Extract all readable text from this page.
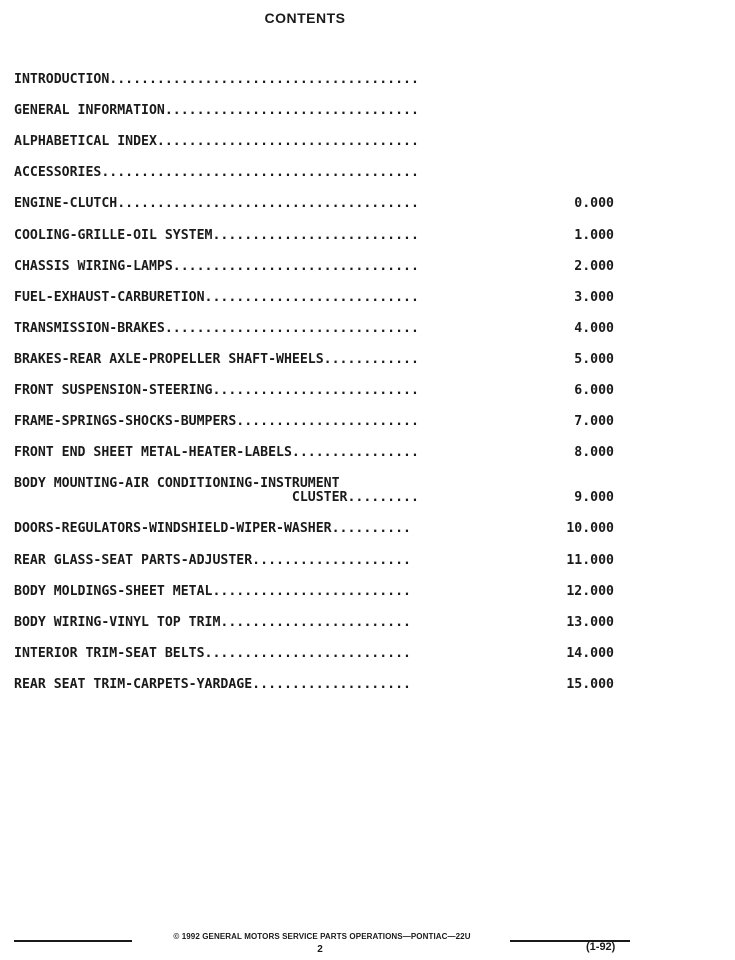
CONTENTS
INTRODUCTION.......................................
GENERAL INFORMATION................................
ALPHABETICAL INDEX.................................
ACCESSORIES........................................
ENGINE-CLUTCH......................................	0.000
COOLING-GRILLE-OIL SYSTEM..........................	1.000
CHASSIS WIRING-LAMPS...............................	2.000
FUEL-EXHAUST-CARBURETION...........................	3.000
TRANSMISSION-BRAKES................................	4.000
BRAKES-REAR AXLE-PROPELLER SHAFT-WHEELS............	5.000
FRONT SUSPENSION-STEERING..........................	6.000
FRAME-SPRINGS-SHOCKS-BUMPERS.......................	7.000
FRONT END SHEET METAL-HEATER-LABELS................	8.000
BODY MOUNTING-AIR CONDITIONING-INSTRUMENT
CLUSTER.........	9.000
DOORS-REGULATORS-WINDSHIELD-WIPER-WASHER..........	10.000
REAR GLASS-SEAT PARTS-ADJUSTER....................	11.000
BODY MOLDINGS-SHEET METAL.........................	12.000
BODY WIRING-VINYL TOP TRIM........................	13.000
INTERIOR TRIM-SEAT BELTS..........................	14.000
REAR SEAT TRIM-CARPETS-YARDAGE....................	15.000
© 1992 GENERAL MOTORS SERVICE PARTS OPERATIONS—PONTIAC—22U
2	(1-92)
